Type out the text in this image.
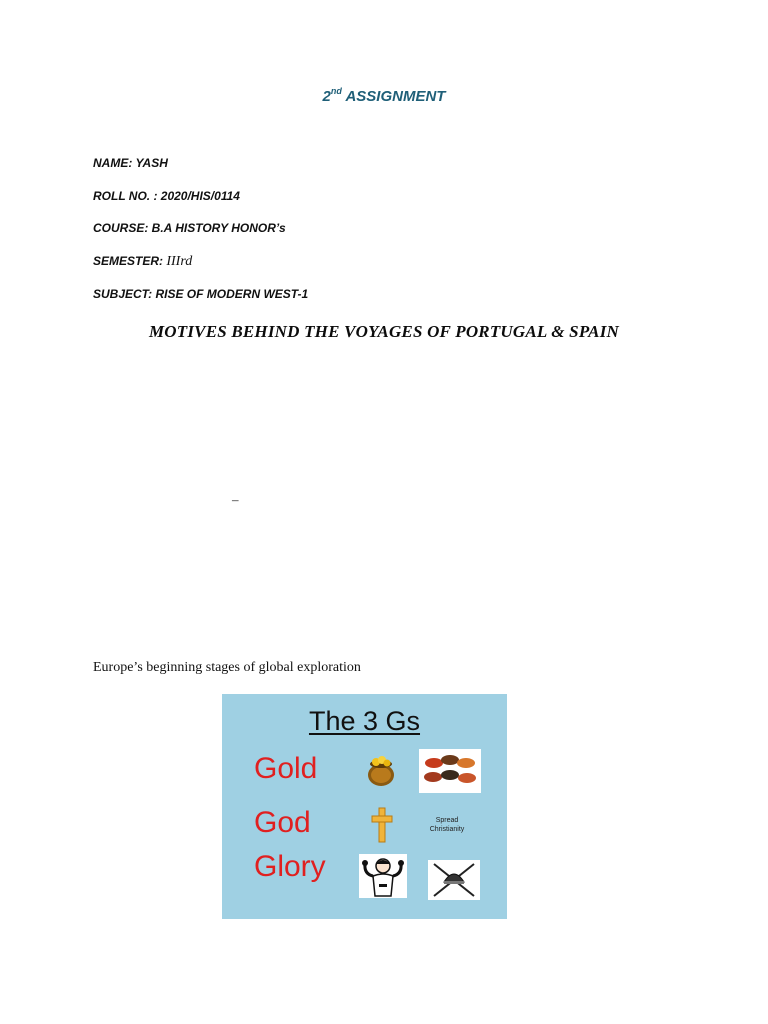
2nd ASSIGNMENT
NAME: YASH
ROLL NO. : 2020/HIS/0114
COURSE: B.A HISTORY HONOR’s
SEMESTER: IIIrd
SUBJECT: RISE OF MODERN WEST-1
MOTIVES BEHIND THE VOYAGES OF PORTUGAL & SPAIN
–
Europe’s beginning stages of global exploration
The 3 Gs
Gold
God
Glory
Spread Christianity
